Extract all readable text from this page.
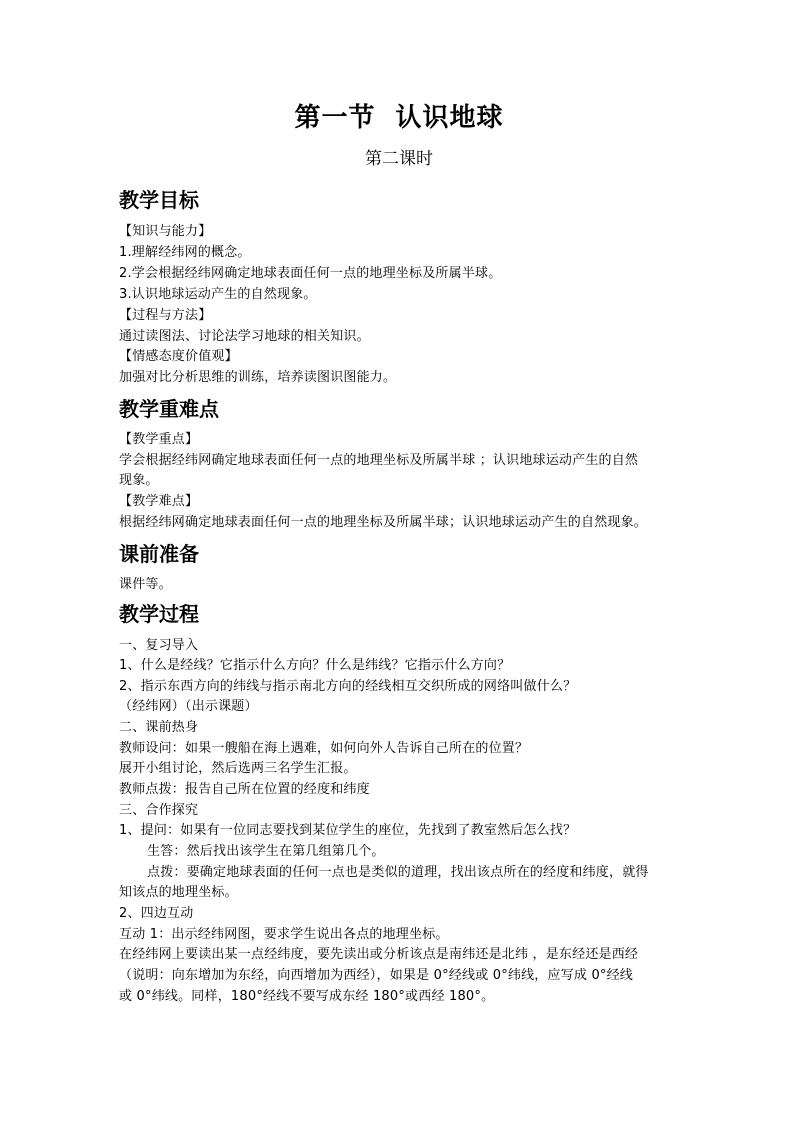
第一节  认识地球
第二课时
教学目标
【知识与能力】
1.理解经纬网的概念。
2.学会根据经纬网确定地球表面任何一点的地理坐标及所属半球。
3.认识地球运动产生的自然现象。
【过程与方法】
通过读图法、讨论法学习地球的相关知识。
【情感态度价值观】
加强对比分析思维的训练，培养读图识图能力。
教学重难点
【教学重点】
学会根据经纬网确定地球表面任何一点的地理坐标及所属半球 ；认识地球运动产生的自然
现象。
【教学难点】
根据经纬网确定地球表面任何一点的地理坐标及所属半球；认识地球运动产生的自然现象。
课前准备
课件等。
教学过程
一、复习导入
1、什么是经线？它指示什么方向？什么是纬线？它指示什么方向？
2、指示东西方向的纬线与指示南北方向的经线相互交织所成的网络叫做什么？
（经纬网）（出示课题）
二、课前热身
教师设问：如果一艘船在海上遇难，如何向外人告诉自己所在的位置？
展开小组讨论，然后选两三名学生汇报。
教师点拨：报告自己所在位置的经度和纬度
三、合作探究
1、提问：如果有一位同志要找到某位学生的座位，先找到了教室然后怎么找？
生答：然后找出该学生在第几组第几个。
点拨：要确定地球表面的任何一点也是类似的道理，找出该点所在的经度和纬度，就得
知该点的地理坐标。
2、四边互动
互动 1：出示经纬网图，要求学生说出各点的地理坐标。
在经纬网上要读出某一点经纬度，要先读出或分析该点是南纬还是北纬 ，是东经还是西经
（说明：向东增加为东经，向西增加为西经），如果是 0°经线或 0°纬线，应写成 0°经线
或 0°纬线。同样，180°经线不要写成东经 180°或西经 180°。
